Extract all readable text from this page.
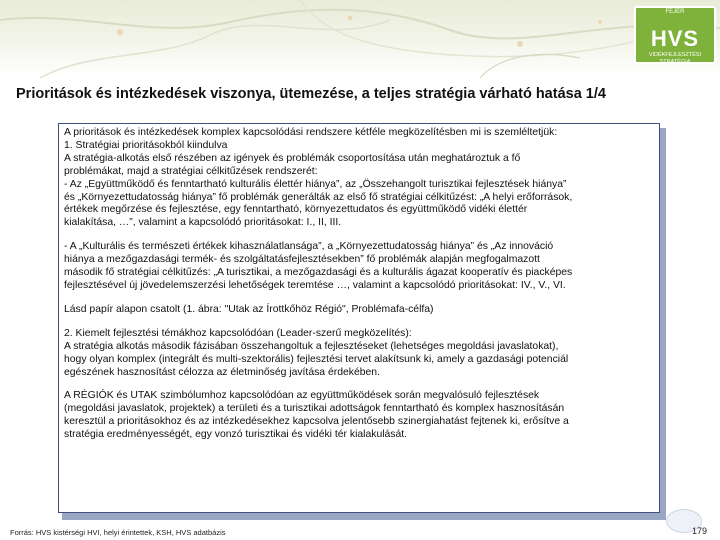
FEJÉR
HVS
VIDÉKFEJLESZTÉSI STRATÉGIA
Prioritások és intézkedések viszonya, ütemezése, a teljes stratégia várható hatása 1/4

A prioritások és intézkedések komplex kapcsolódási rendszere kétféle megközelítésben mi is szemléltetjük:
1. Stratégiai prioritásokból kiindulva
A stratégia-alkotás első részében az igények és problémák csoportosítása után meghatároztuk a fő
problémákat, majd a stratégiai célkitűzések rendszerét:
- Az „Együttműködő és fenntartható kulturális élettér hiánya”, az „Összehangolt turisztikai fejlesztések hiánya”
és „Környezettudatosság hiánya” fő problémák generálták az első fő stratégiai célkitűzést: „A helyi erőforrások,
értékek megőrzése és fejlesztése, egy fenntartható, környezettudatos és együttműködő vidéki élettér
kialakítása, …”, valamint a kapcsolódó prioritásokat: I., II, III.

- A „Kulturális és természeti értékek kihasználatlansága”, a „Környezettudatosság hiánya” és „Az innováció
hiánya a mezőgazdasági termék- és szolgáltatásfejlesztésekben” fő problémák alapján megfogalmazott
második fő stratégiai célkitűzés: „A turisztikai, a mezőgazdasági és a kulturális ágazat kooperatív és piacképes
fejlesztésével új jövedelemszerzési lehetőségek teremtése …, valamint a kapcsolódó prioritásokat: IV., V., VI.

Lásd papír alapon csatolt (1. ábra: "Utak az Írottkőhöz Régió", Problémafa-célfa)

2. Kiemelt fejlesztési témákhoz kapcsolódóan (Leader-szerű megközelítés):
A stratégia alkotás második fázisában összehangoltuk a fejlesztéseket (lehetséges megoldási javaslatokat),
hogy olyan komplex (integrált és multi-szektorális) fejlesztési tervet alakítsunk ki, amely a gazdasági potenciál
egészének hasznosítást célozza az életminőség javítása érdekében.

A RÉGIÓK és UTAK szimbólumhoz kapcsolódóan az együttműködések során megvalósuló fejlesztések
(megoldási javaslatok, projektek) a területi és a turisztikai adottságok fenntartható és komplex hasznosításán
keresztül a prioritásokhoz és az intézkedésekhez kapcsolva jelentősebb szinergiahatást fejtenek ki, erősítve a
stratégia eredményességét, egy vonzó turisztikai és vidéki tér kialakulását.

Forrás: HVS kistérségi HVI, helyi érintettek, KSH, HVS adatbázis	179
